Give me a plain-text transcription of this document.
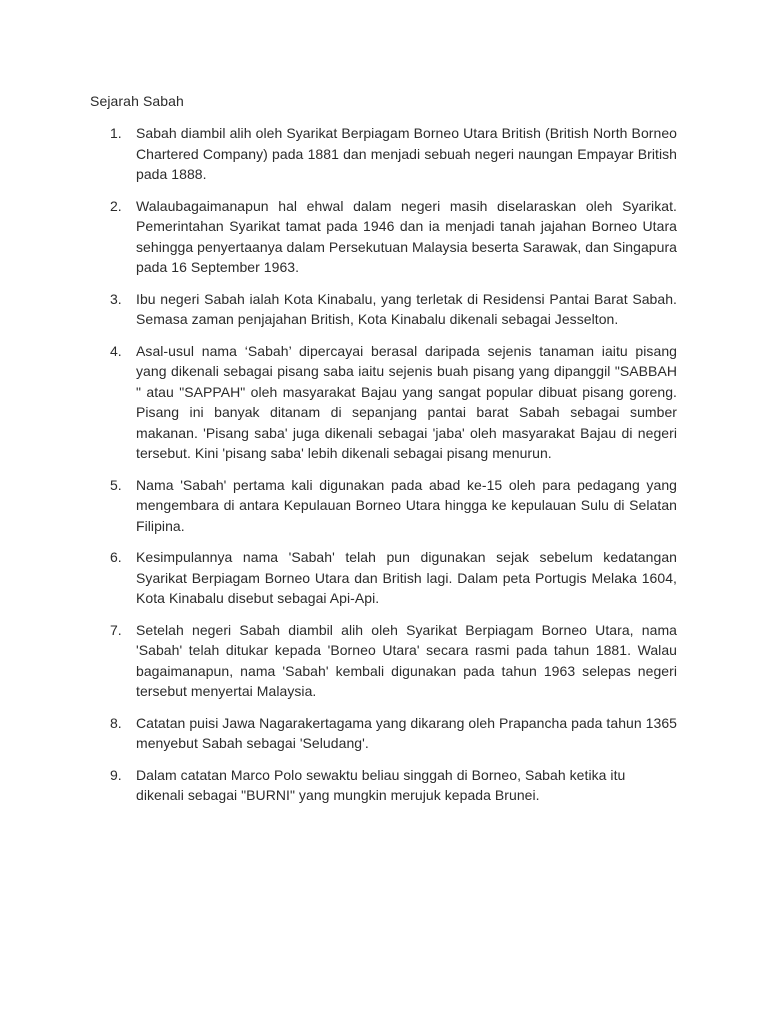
Sejarah Sabah
1. Sabah diambil alih oleh Syarikat Berpiagam Borneo Utara British (British North Borneo Chartered Company) pada 1881 dan menjadi sebuah negeri naungan Empayar British pada 1888.
2. Walaubagaimanapun hal ehwal dalam negeri masih diselaraskan oleh Syarikat. Pemerintahan Syarikat tamat pada 1946 dan ia menjadi tanah jajahan Borneo Utara sehingga penyertaanya dalam Persekutuan Malaysia beserta Sarawak, dan Singapura pada 16 September 1963.
3. Ibu negeri Sabah ialah Kota Kinabalu, yang terletak di Residensi Pantai Barat Sabah. Semasa zaman penjajahan British, Kota Kinabalu dikenali sebagai Jesselton.
4. Asal-usul nama ‘Sabah’ dipercayai berasal daripada sejenis tanaman iaitu pisang yang dikenali sebagai pisang saba iaitu sejenis buah pisang yang dipanggil "SABBAH " atau "SAPPAH" oleh masyarakat Bajau yang sangat popular dibuat pisang goreng. Pisang ini banyak ditanam di sepanjang pantai barat Sabah sebagai sumber makanan. 'Pisang saba' juga dikenali sebagai 'jaba' oleh masyarakat Bajau di negeri tersebut. Kini 'pisang saba' lebih dikenali sebagai pisang menurun.
5. Nama 'Sabah' pertama kali digunakan pada abad ke-15 oleh para pedagang yang mengembara di antara Kepulauan Borneo Utara hingga ke kepulauan Sulu di Selatan Filipina.
6. Kesimpulannya nama 'Sabah' telah pun digunakan sejak sebelum kedatangan Syarikat Berpiagam Borneo Utara dan British lagi. Dalam peta Portugis Melaka 1604, Kota Kinabalu disebut sebagai Api-Api.
7. Setelah negeri Sabah diambil alih oleh Syarikat Berpiagam Borneo Utara, nama 'Sabah' telah ditukar kepada 'Borneo Utara' secara rasmi pada tahun 1881. Walau bagaimanapun, nama 'Sabah' kembali digunakan pada tahun 1963 selepas negeri tersebut menyertai Malaysia.
8. Catatan puisi Jawa Nagarakertagama yang dikarang oleh Prapancha pada tahun 1365 menyebut Sabah sebagai 'Seludang'.
9. Dalam catatan Marco Polo sewaktu beliau singgah di Borneo, Sabah ketika itu dikenali sebagai "BURNI" yang mungkin merujuk kepada Brunei.
